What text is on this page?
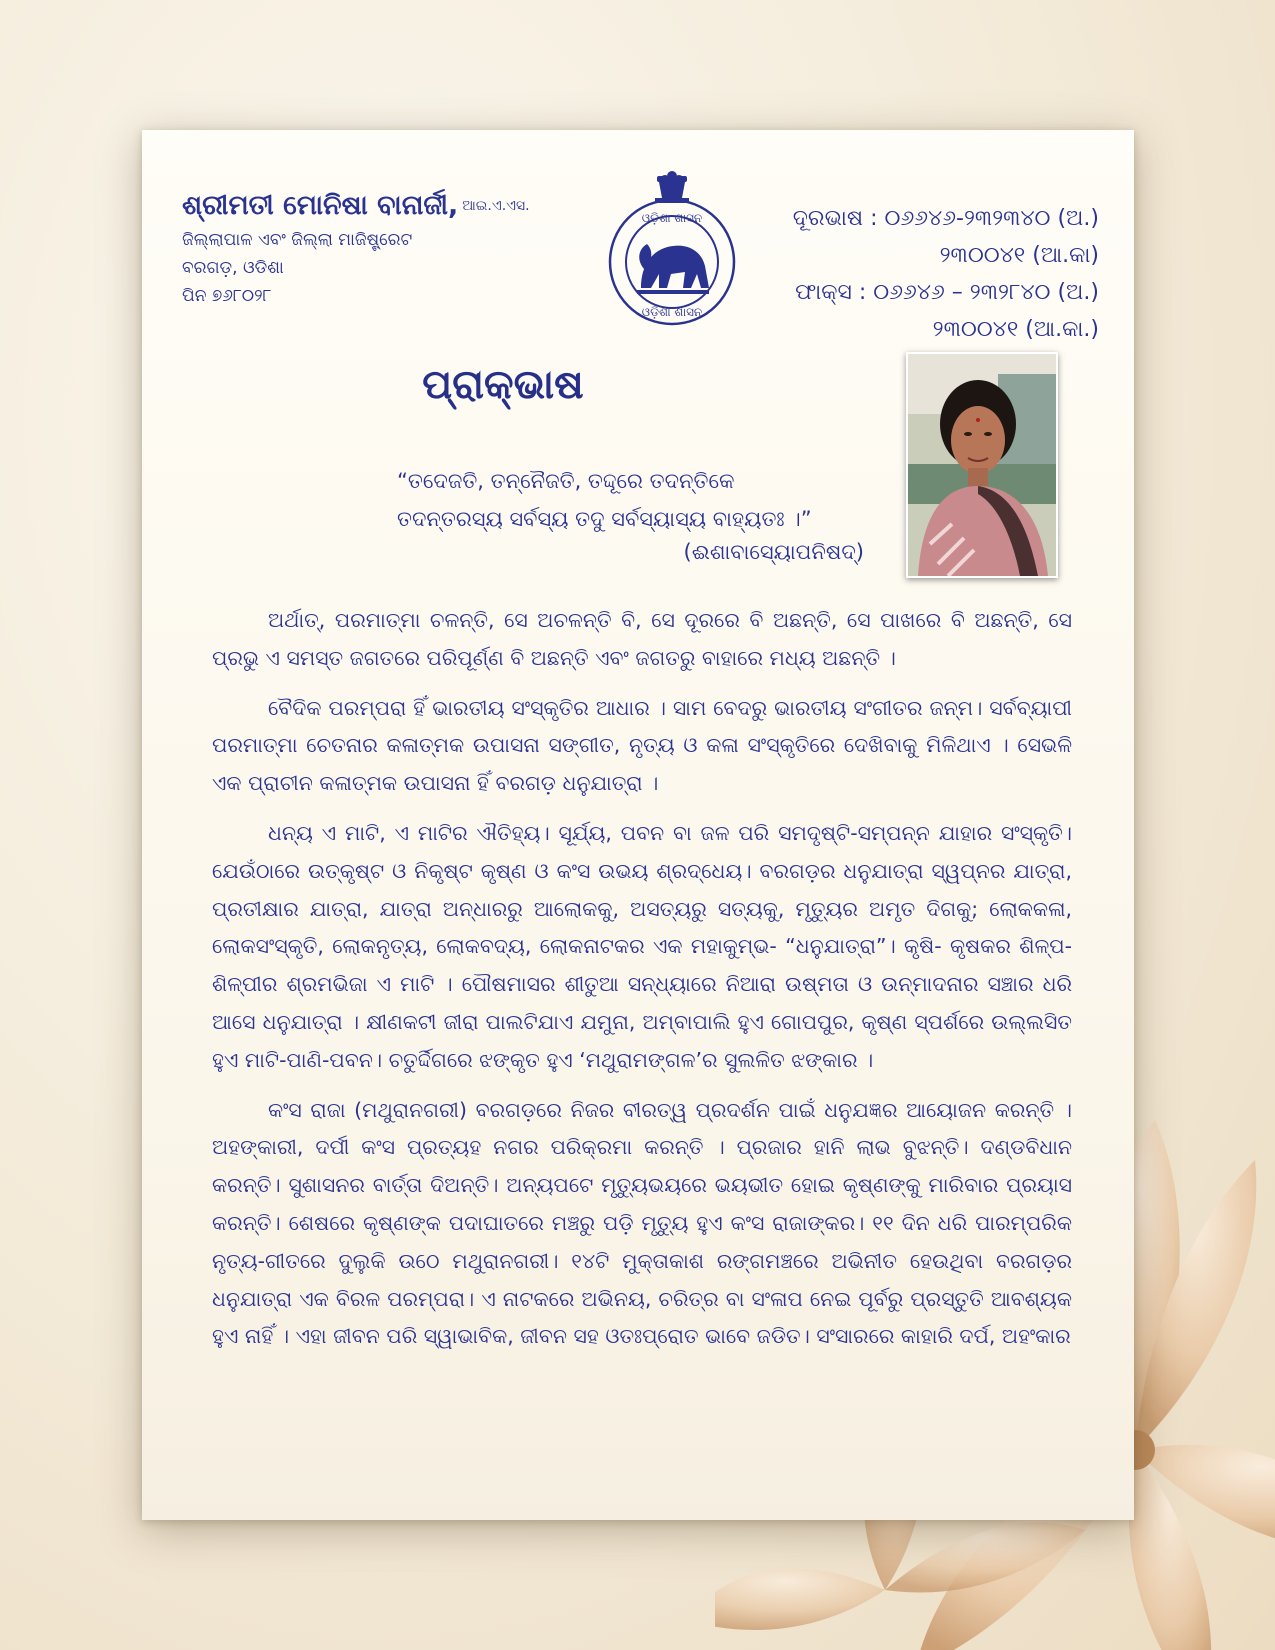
ଶ୍ରୀମତୀ ମୋନିଷା ବାନାର୍ଜୀ, ଆଇ.ଏ.ଏସ.
ଜିଲ୍ଲାପାଳ ଏବଂ ଜିଲ୍ଲା ମାଜିଷ୍ଟ୍ରେଟ
ବରଗଡ଼, ଓଡିଶା
ପିନ ୭୬୮୦୨୮
ଓଡ଼ିଶା ଶାସନ
ଓଡ଼ିଶା ଶାସନ
ଦୂରଭାଷ : ୦୬୬୪୬-୨୩୨୩୪୦ (ଅ.)
୨୩୦୦୪୧ (ଆ.କା)
ଫାକ୍ସ : ୦୬୬୪୬ – ୨୩୨୮୪୦ (ଅ.)
୨୩୦୦୪୧ (ଆ.କା.)
ପ୍ରାକ୍‌ଭାଷ
“ତଦେଜତି, ତନ୍ନୈଜତି, ତଦ୍ଦୂରେ ତଦନ୍ତିକେ
ତଦନ୍ତରସ୍ୟ ସର୍ବସ୍ୟ ତଦୁ ସର୍ବସ୍ୟାସ୍ୟ ବାହ୍ୟତଃ ।”
(ଈଶାବାସ୍ୟୋପନିଷଦ୍)

ଅର୍ଥାତ୍, ପରମାତ୍ମା ଚଳନ୍ତି, ସେ ଅଚଳନ୍ତି ବି, ସେ ଦୂରରେ ବି ଅଛନ୍ତି, ସେ ପାଖରେ ବି ଅଛନ୍ତି, ସେ ପ୍ରଭୁ ଏ ସମସ୍ତ ଜଗତରେ ପରିପୂର୍ଣ୍ଣ ବି ଅଛନ୍ତି ଏବଂ ଜଗତରୁ ବାହାରେ ମଧ୍ୟ ଅଛନ୍ତି ।

ବୈଦିକ ପରମ୍ପରା ହିଁ ଭାରତୀୟ ସଂସ୍କୃତିର ଆଧାର । ସାମ ବେଦରୁ ଭାରତୀୟ ସଂଗୀତର ଜନ୍ମ। ସର୍ବବ୍ୟାପୀ ପରମାତ୍ମା ଚେତନାର କଳାତ୍ମକ ଉପାସନା ସଙ୍ଗୀତ, ନୃତ୍ୟ ଓ କଳା ସଂସ୍କୃତିରେ ଦେଖିବାକୁ ମିଳିଥାଏ । ସେଭଳି ଏକ ପ୍ରାଚୀନ କଳାତ୍ମକ ଉପାସନା ହିଁ ବରଗଡ଼ ଧନୁଯାତ୍ରା ।

ଧନ୍ୟ ଏ ମାଟି, ଏ ମାଟିର ଐତିହ୍ୟ। ସୂର୍ଯ୍ୟ, ପବନ ବା ଜଳ ପରି ସମଦୃଷ୍ଟି-ସମ୍ପନ୍ନ ଯାହାର ସଂସ୍କୃତି। ଯେଉଁଠାରେ ଉତ୍କୃଷ୍ଟ ଓ ନିକୃଷ୍ଟ କୃଷ୍ଣ ଓ କଂସ ଉଭୟ ଶ୍ରଦ୍ଧେୟ। ବରଗଡ଼ର ଧନୁଯାତ୍ରା ସ୍ୱପ୍ନର ଯାତ୍ରା, ପ୍ରତୀକ୍ଷାର ଯାତ୍ରା, ଯାତ୍ରା ଅନ୍ଧାରରୁ ଆଲୋକକୁ, ଅସତ୍ୟରୁ ସତ୍ୟକୁ, ମୃତ୍ୟୁର ଅମୃତ ଦିଗକୁ; ଲୋକକଳା, ଲୋକସଂସ୍କୃତି, ଲୋକନୃତ୍ୟ, ଲୋକବଦ୍ୟ, ଲୋକନାଟକର ଏକ ମହାକୁମ୍ଭ- “ଧନୁଯାତ୍ରା”। କୃଷି- କୃଷକର ଶିଳ୍ପ-ଶିଳ୍ପୀର ଶ୍ରମଭିଜା ଏ ମାଟି । ପୌଷମାସର ଶୀତୁଆ ସନ୍ଧ୍ୟାରେ ନିଆରା ଉଷ୍ମତା ଓ ଉନ୍ମାଦନାର ସଞ୍ଚାର ଧରି ଆସେ ଧନୁଯାତ୍ରା । କ୍ଷୀଣକଟୀ ଜୀରା ପାଲଟିଯାଏ ଯମୁନା, ଅମ୍ବାପାଲି ହୁଏ ଗୋପପୁର, କୃଷ୍ଣ ସ୍ପର୍ଶରେ ଉଲ୍ଲସିତ ହୁଏ ମାଟି-ପାଣି-ପବନ। ଚତୁର୍ଦ୍ଦିଗରେ ଝଙ୍କୃତ ହୁଏ ‘ମଥୁରାମଙ୍ଗଳ’ର ସୁଲଳିତ ଝଙ୍କାର ।

କଂସ ରାଜା (ମଥୁରାନଗରୀ) ବରଗଡ଼ରେ ନିଜର ବୀରତ୍ୱ ପ୍ରଦର୍ଶନ ପାଇଁ ଧନୁଯଜ୍ଞର ଆୟୋଜନ କରନ୍ତି । ଅହଙ୍କାରୀ, ଦର୍ପୀ କଂସ ପ୍ରତ୍ୟହ ନଗର ପରିକ୍ରମା କରନ୍ତି । ପ୍ରଜାର ହାନି ଲାଭ ବୁଝନ୍ତି। ଦଣ୍ଡବିଧାନ କରନ୍ତି। ସୁଶାସନର ବାର୍ତ୍ତା ଦିଅନ୍ତି। ଅନ୍ୟପଟେ ମୃତ୍ୟୁଭୟରେ ଭୟଭୀତ ହୋଇ କୃଷ୍ଣଙ୍କୁ ମାରିବାର ପ୍ରୟାସ କରନ୍ତି। ଶେଷରେ କୃଷ୍ଣଙ୍କ ପଦାଘାତରେ ମଞ୍ଚରୁ ପଡ଼ି ମୃତ୍ୟୁ ହୁଏ କଂସ ରାଜାଙ୍କର। ୧୧ ଦିନ ଧରି ପାରମ୍ପରିକ ନୃତ୍ୟ-ଗୀତରେ ଦୁଲୁକି ଉଠେ ମଥୁରାନଗରୀ। ୧୪ଟି ମୁକ୍ତାକାଶ ରଙ୍ଗମଞ୍ଚରେ ଅଭିନୀତ ହେଉଥିବା ବରଗଡ଼ର ଧନୁଯାତ୍ରା ଏକ ବିରଳ ପରମ୍ପରା। ଏ ନାଟକରେ ଅଭିନୟ, ଚରିତ୍ର ବା ସଂଳାପ ନେଇ ପୂର୍ବରୁ ପ୍ରସ୍ତୁତି ଆବଶ୍ୟକ ହୁଏ ନାହିଁ । ଏହା ଜୀବନ ପରି ସ୍ୱାଭାବିକ, ଜୀବନ ସହ ଓତଃପ୍ରୋତ ଭାବେ ଜଡିତ। ସଂସାରରେ କାହାରି ଦର୍ପ, ଅହଂକାର
